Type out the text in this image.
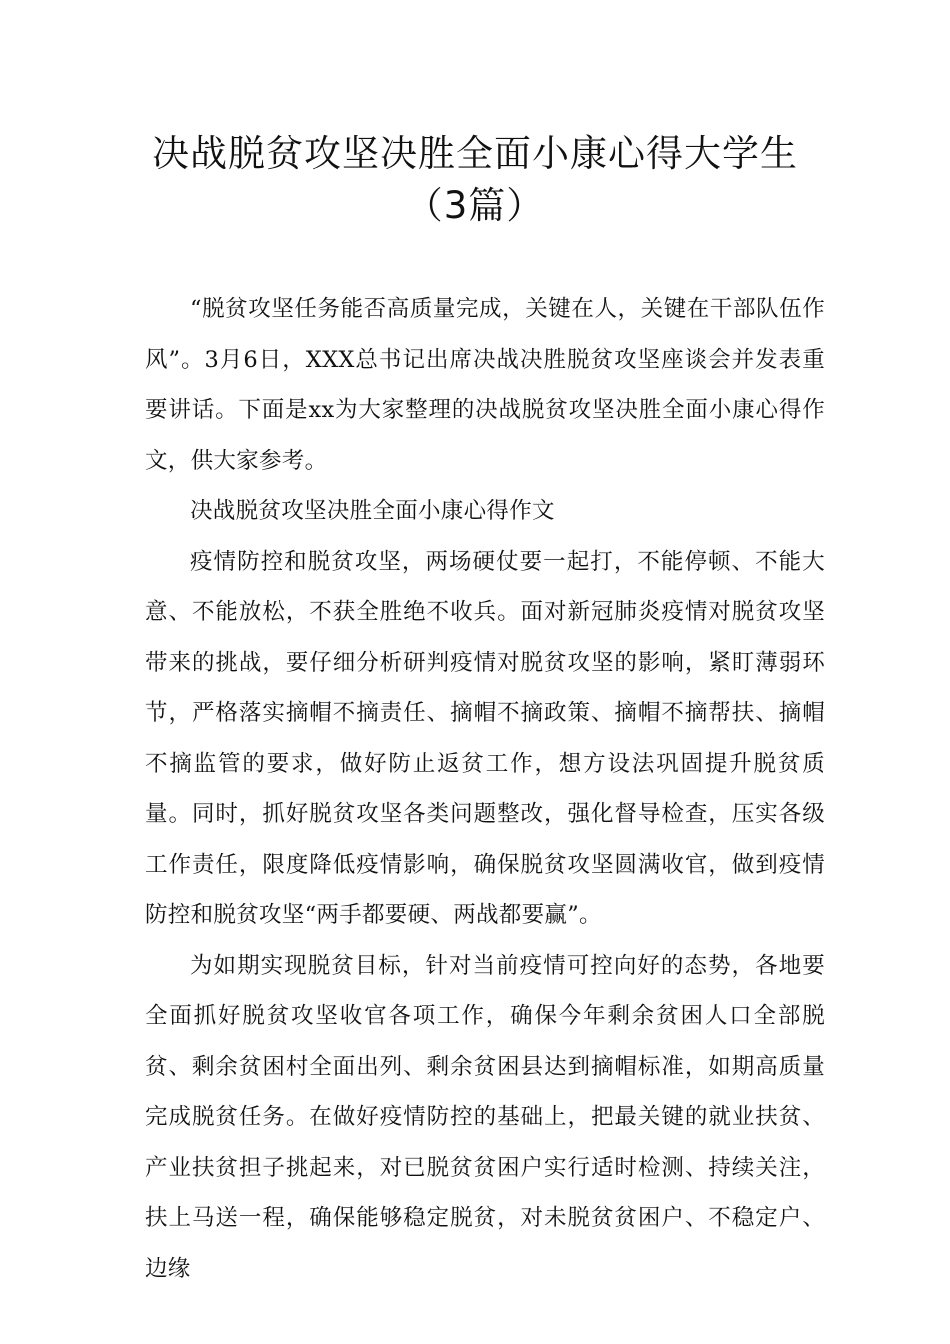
决战脱贫攻坚决胜全面小康心得大学生
（3篇）

“脱贫攻坚任务能否高质量完成，关键在人，关键在干部队伍作风”。3月6日，XXX总书记出席决战决胜脱贫攻坚座谈会并发表重要讲话。下面是xx为大家整理的决战脱贫攻坚决胜全面小康心得作文，供大家参考。

决战脱贫攻坚决胜全面小康心得作文

疫情防控和脱贫攻坚，两场硬仗要一起打，不能停顿、不能大意、不能放松，不获全胜绝不收兵。面对新冠肺炎疫情对脱贫攻坚带来的挑战，要仔细分析研判疫情对脱贫攻坚的影响，紧盯薄弱环节，严格落实摘帽不摘责任、摘帽不摘政策、摘帽不摘帮扶、摘帽不摘监管的要求，做好防止返贫工作，想方设法巩固提升脱贫质量。同时，抓好脱贫攻坚各类问题整改，强化督导检查，压实各级工作责任，限度降低疫情影响，确保脱贫攻坚圆满收官，做到疫情防控和脱贫攻坚“两手都要硬、两战都要赢”。

为如期实现脱贫目标，针对当前疫情可控向好的态势，各地要全面抓好脱贫攻坚收官各项工作，确保今年剩余贫困人口全部脱贫、剩余贫困村全面出列、剩余贫困县达到摘帽标准，如期高质量完成脱贫任务。在做好疫情防控的基础上，把最关键的就业扶贫、产业扶贫担子挑起来，对已脱贫贫困户实行适时检测、持续关注，扶上马送一程，确保能够稳定脱贫，对未脱贫贫困户、不稳定户、边缘
